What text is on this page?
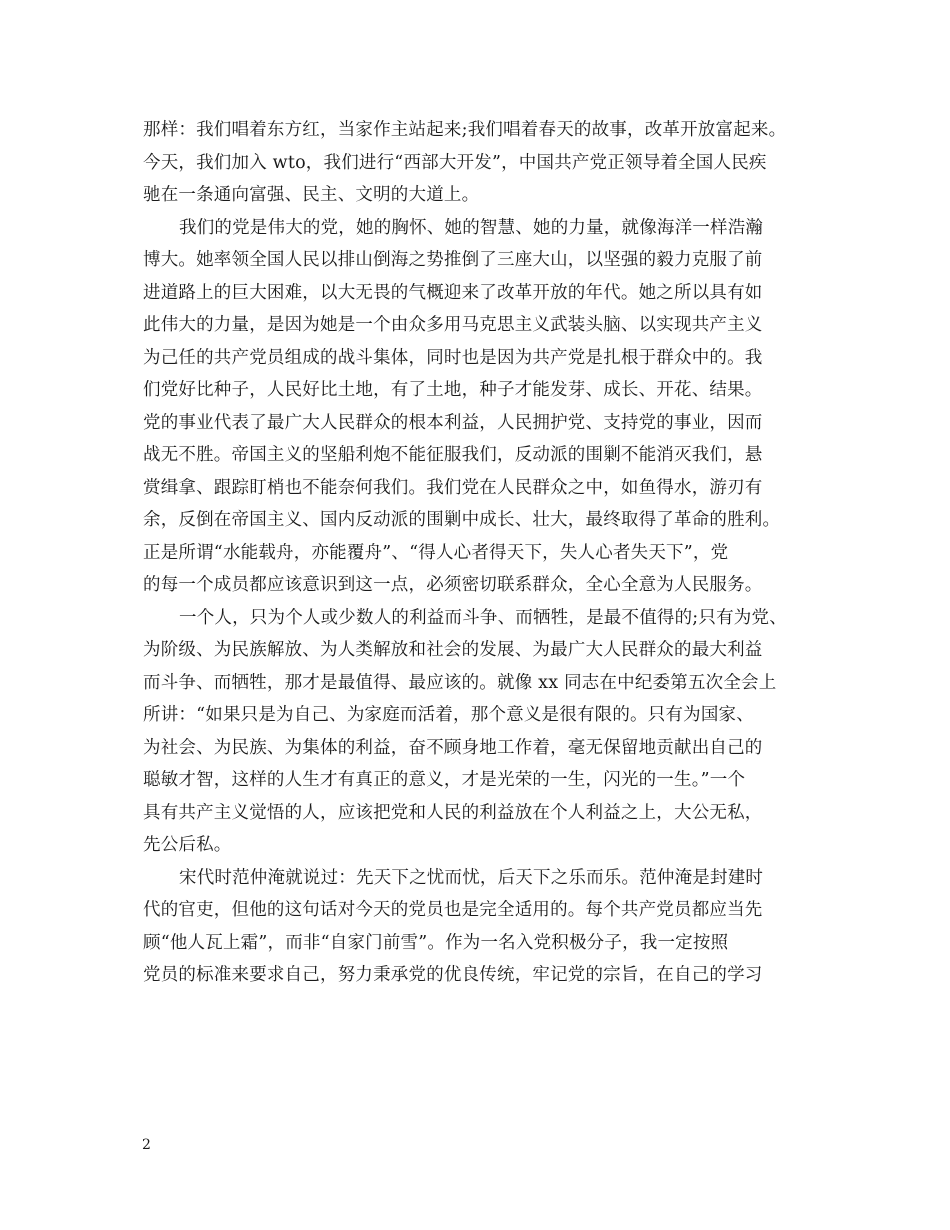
那样：我们唱着东方红，当家作主站起来;我们唱着春天的故事，改革开放富起来。
今天，我们加入 wto，我们进行“西部大开发”，中国共产党正领导着全国人民疾
驰在一条通向富强、民主、文明的大道上。
我们的党是伟大的党，她的胸怀、她的智慧、她的力量，就像海洋一样浩瀚
博大。她率领全国人民以排山倒海之势推倒了三座大山，以坚强的毅力克服了前
进道路上的巨大困难，以大无畏的气概迎来了改革开放的年代。她之所以具有如
此伟大的力量，是因为她是一个由众多用马克思主义武装头脑、以实现共产主义
为己任的共产党员组成的战斗集体，同时也是因为共产党是扎根于群众中的。我
们党好比种子，人民好比土地，有了土地，种子才能发芽、成长、开花、结果。
党的事业代表了最广大人民群众的根本利益，人民拥护党、支持党的事业，因而
战无不胜。帝国主义的坚船利炮不能征服我们，反动派的围剿不能消灭我们，悬
赏缉拿、跟踪盯梢也不能奈何我们。我们党在人民群众之中，如鱼得水，游刃有
余，反倒在帝国主义、国内反动派的围剿中成长、壮大，最终取得了革命的胜利。
正是所谓“水能载舟，亦能覆舟”、“得人心者得天下，失人心者失天下”，党
的每一个成员都应该意识到这一点，必须密切联系群众，全心全意为人民服务。
一个人，只为个人或少数人的利益而斗争、而牺牲，是最不值得的;只有为党、
为阶级、为民族解放、为人类解放和社会的发展、为最广大人民群众的最大利益
而斗争、而牺牲，那才是最值得、最应该的。就像 xx 同志在中纪委第五次全会上
所讲：“如果只是为自己、为家庭而活着，那个意义是很有限的。只有为国家、
为社会、为民族、为集体的利益，奋不顾身地工作着，毫无保留地贡献出自己的
聪敏才智，这样的人生才有真正的意义，才是光荣的一生，闪光的一生。”一个
具有共产主义觉悟的人，应该把党和人民的利益放在个人利益之上，大公无私，
先公后私。
宋代时范仲淹就说过：先天下之忧而忧，后天下之乐而乐。范仲淹是封建时
代的官吏，但他的这句话对今天的党员也是完全适用的。每个共产党员都应当先
顾“他人瓦上霜”，而非“自家门前雪”。作为一名入党积极分子，我一定按照
党员的标准来要求自己，努力秉承党的优良传统，牢记党的宗旨，在自己的学习
2
